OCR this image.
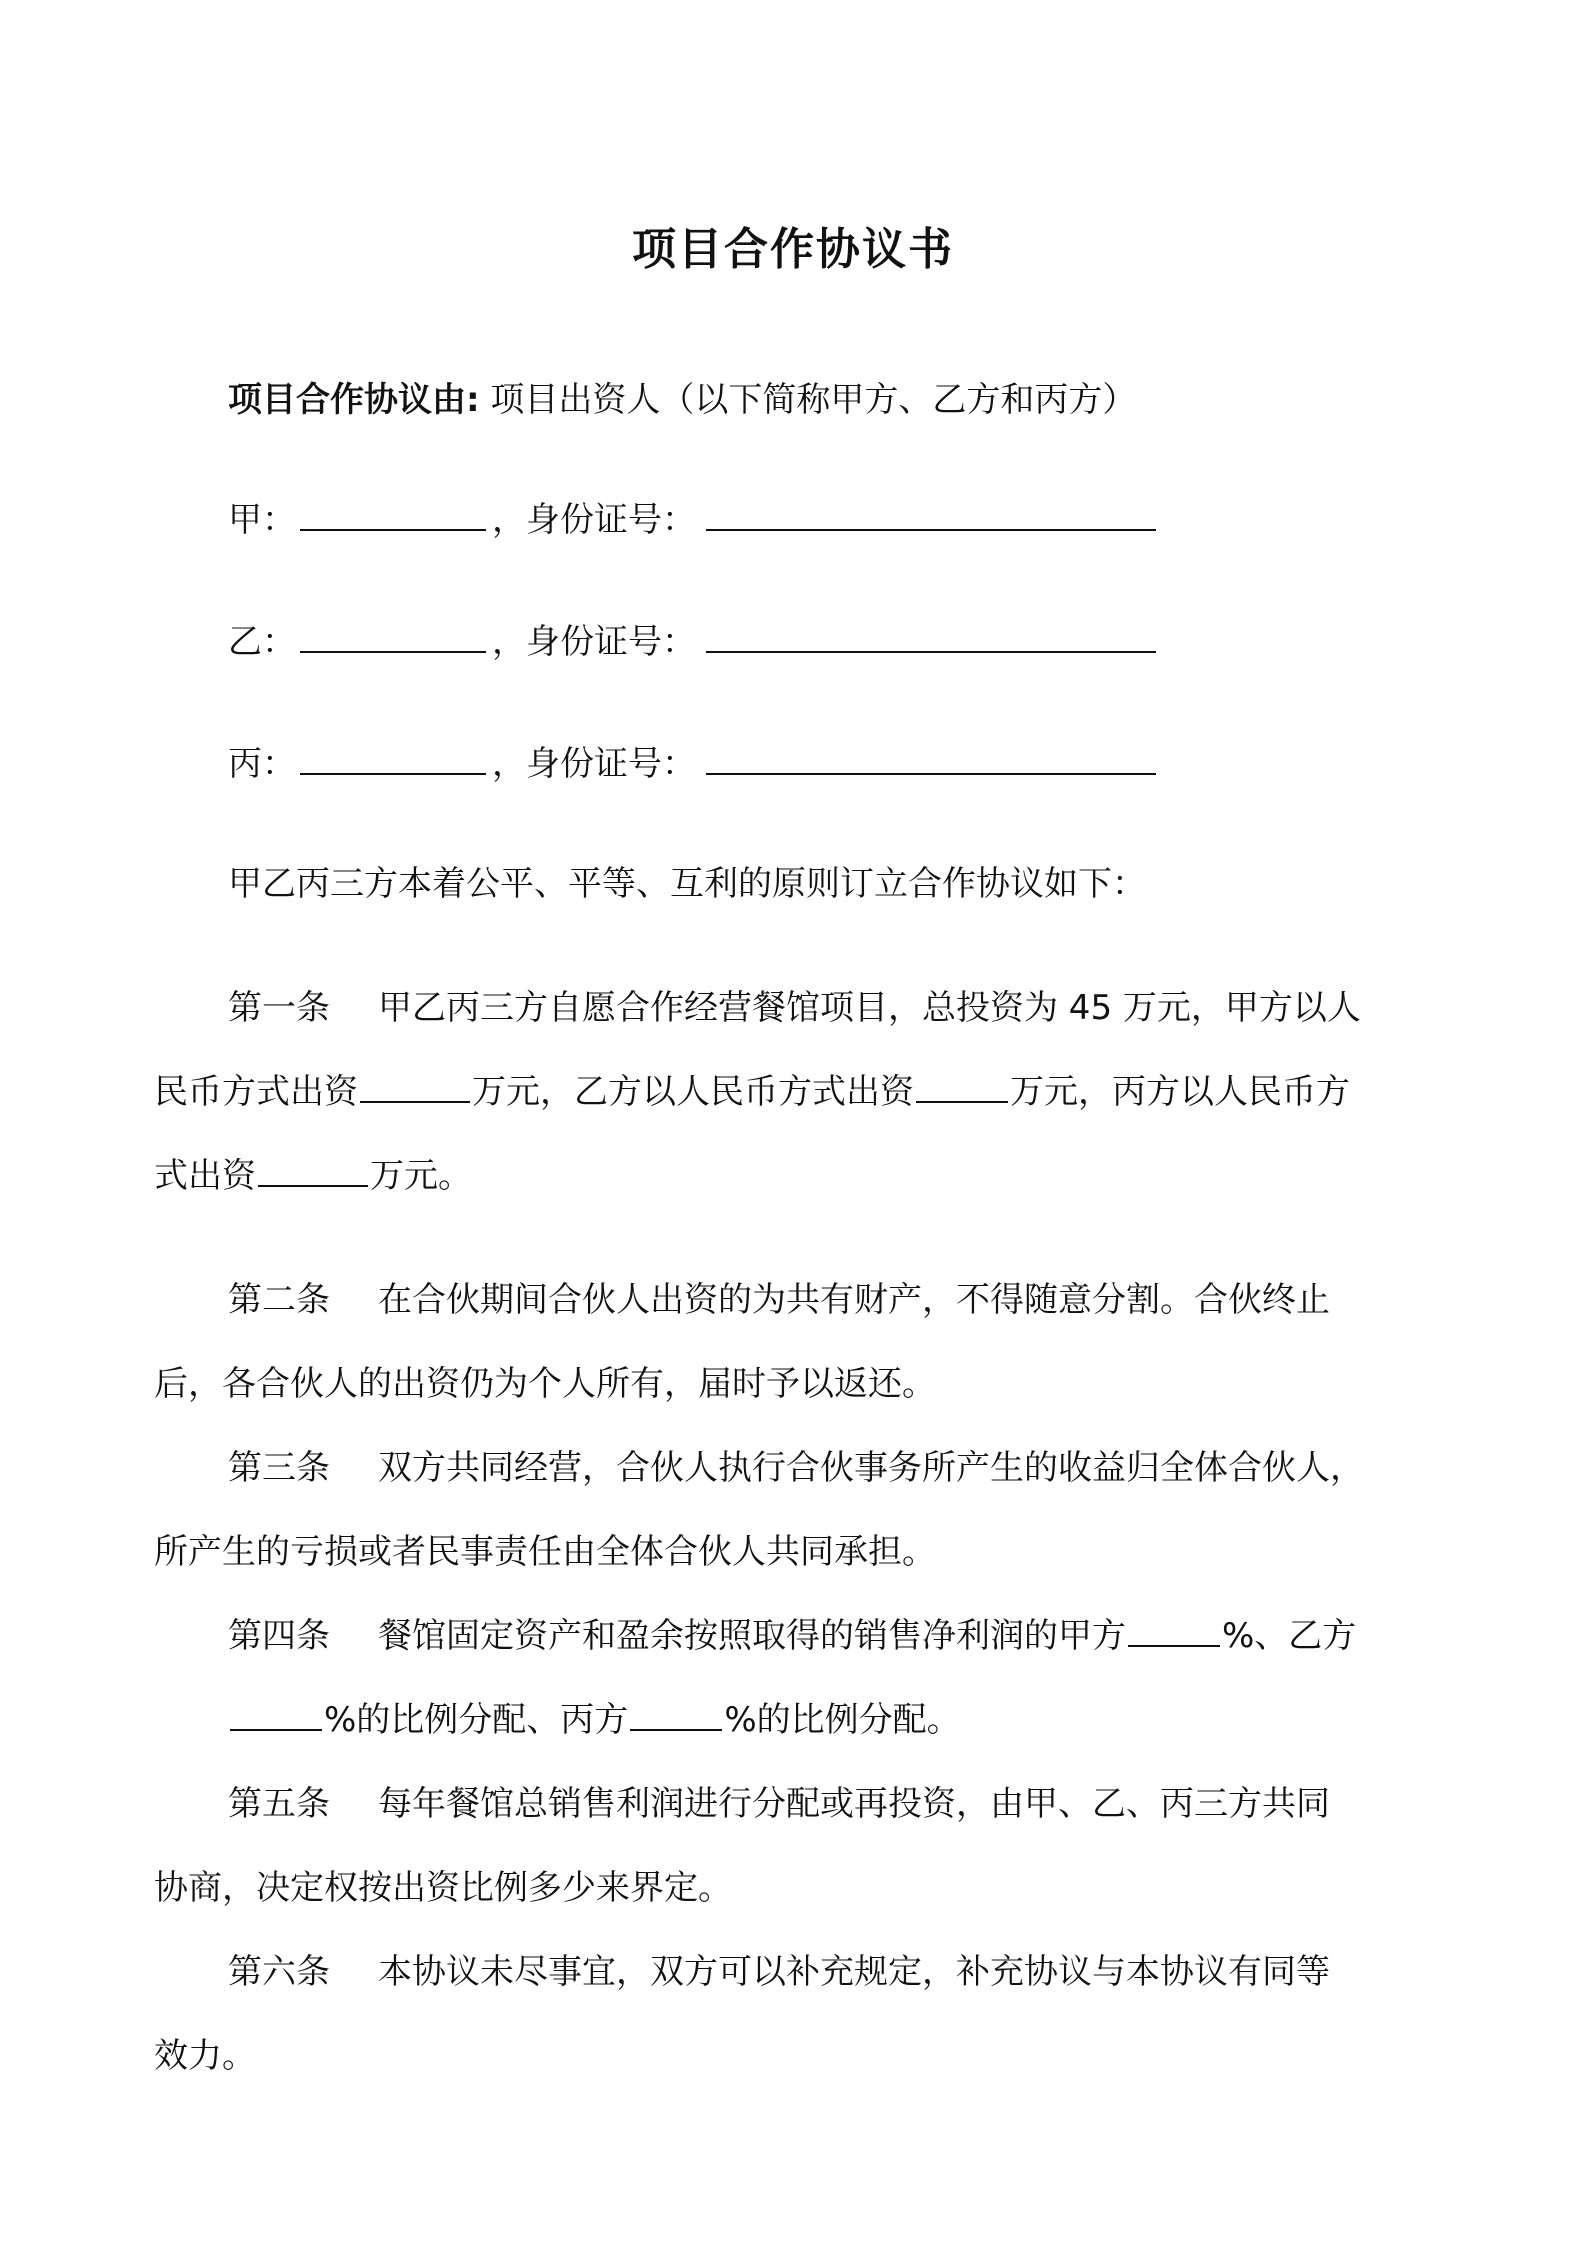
项目合作协议书
项目合作协议由: 项目出资人（以下简称甲方、乙方和丙方）
甲：	，身份证号：
乙：	，身份证号：
丙：	，身份证号：
甲乙丙三方本着公平、平等、互利的原则订立合作协议如下：
第一条 甲乙丙三方自愿合作经营餐馆项目，总投资为 45 万元，甲方以人
民币方式出资	万元，乙方以人民币方式出资	万元，丙方以人民币方
式出资	万元。
第二条 在合伙期间合伙人出资的为共有财产，不得随意分割。合伙终止
后，各合伙人的出资仍为个人所有，届时予以返还。
第三条 双方共同经营，合伙人执行合伙事务所产生的收益归全体合伙人，
所产生的亏损或者民事责任由全体合伙人共同承担。
第四条 餐馆固定资产和盈余按照取得的销售净利润的甲方	%、乙方
%的比例分配、丙方	%的比例分配。
第五条 每年餐馆总销售利润进行分配或再投资，由甲、乙、丙三方共同
协商，决定权按出资比例多少来界定。
第六条 本协议未尽事宜，双方可以补充规定，补充协议与本协议有同等
效力。
